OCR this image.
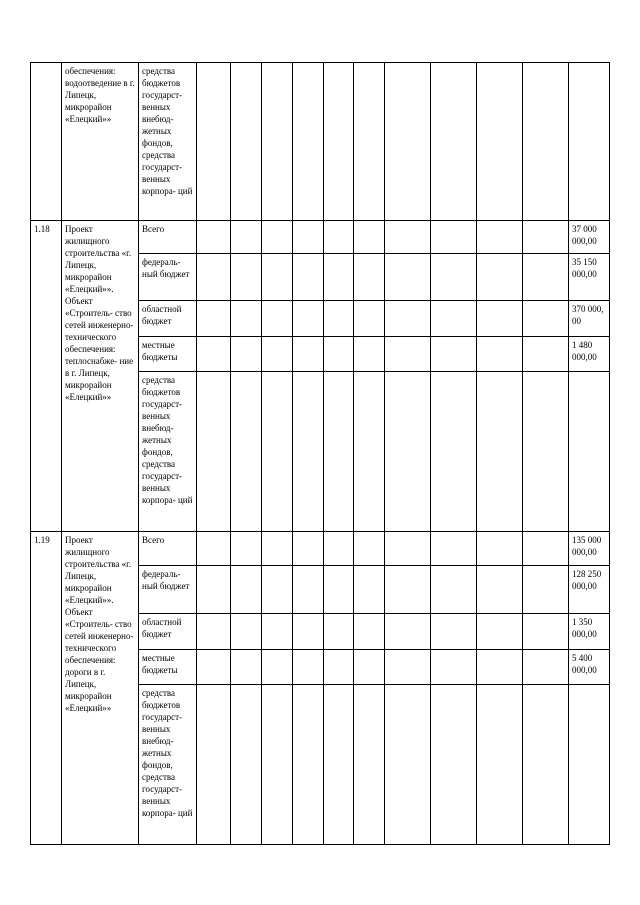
	обеспечения: водоотведение в г. Липецк, микрорайон «Елецкий»»	средства бюджетов государст- венных внебюд- жетных фондов, средства государст- венных корпора- ций											
1.18	Проект жилищного строительства «г. Липецк, микрорайон «Елецкий»». Объект «Строитель- ство сетей инженерно- технического обеспечения: теплоснабже- ние в г. Липецк, микрорайон «Елецкий»»	Всего											37 000 000,00
		федераль- ный бюджет											35 150 000,00
		областной бюджет											370 000, 00
		местные бюджеты											1 480 000,00
		средства бюджетов государст- венных внебюд- жетных фондов, средства государст- венных корпора- ций											
1.19	Проект жилищного строительства «г. Липецк, микрорайон «Елецкий»». Объект «Строитель- ство сетей инженерно- технического обеспечения: дороги в г. Липецк, микрорайон «Елецкий»»	Всего											135 000 000,00
		федераль- ный бюджет											128 250 000,00
		областной бюджет											1 350 000,00
		местные бюджеты											5 400 000,00
		средства бюджетов государст- венных внебюд- жетных фондов, средства государст- венных корпора- ций											
